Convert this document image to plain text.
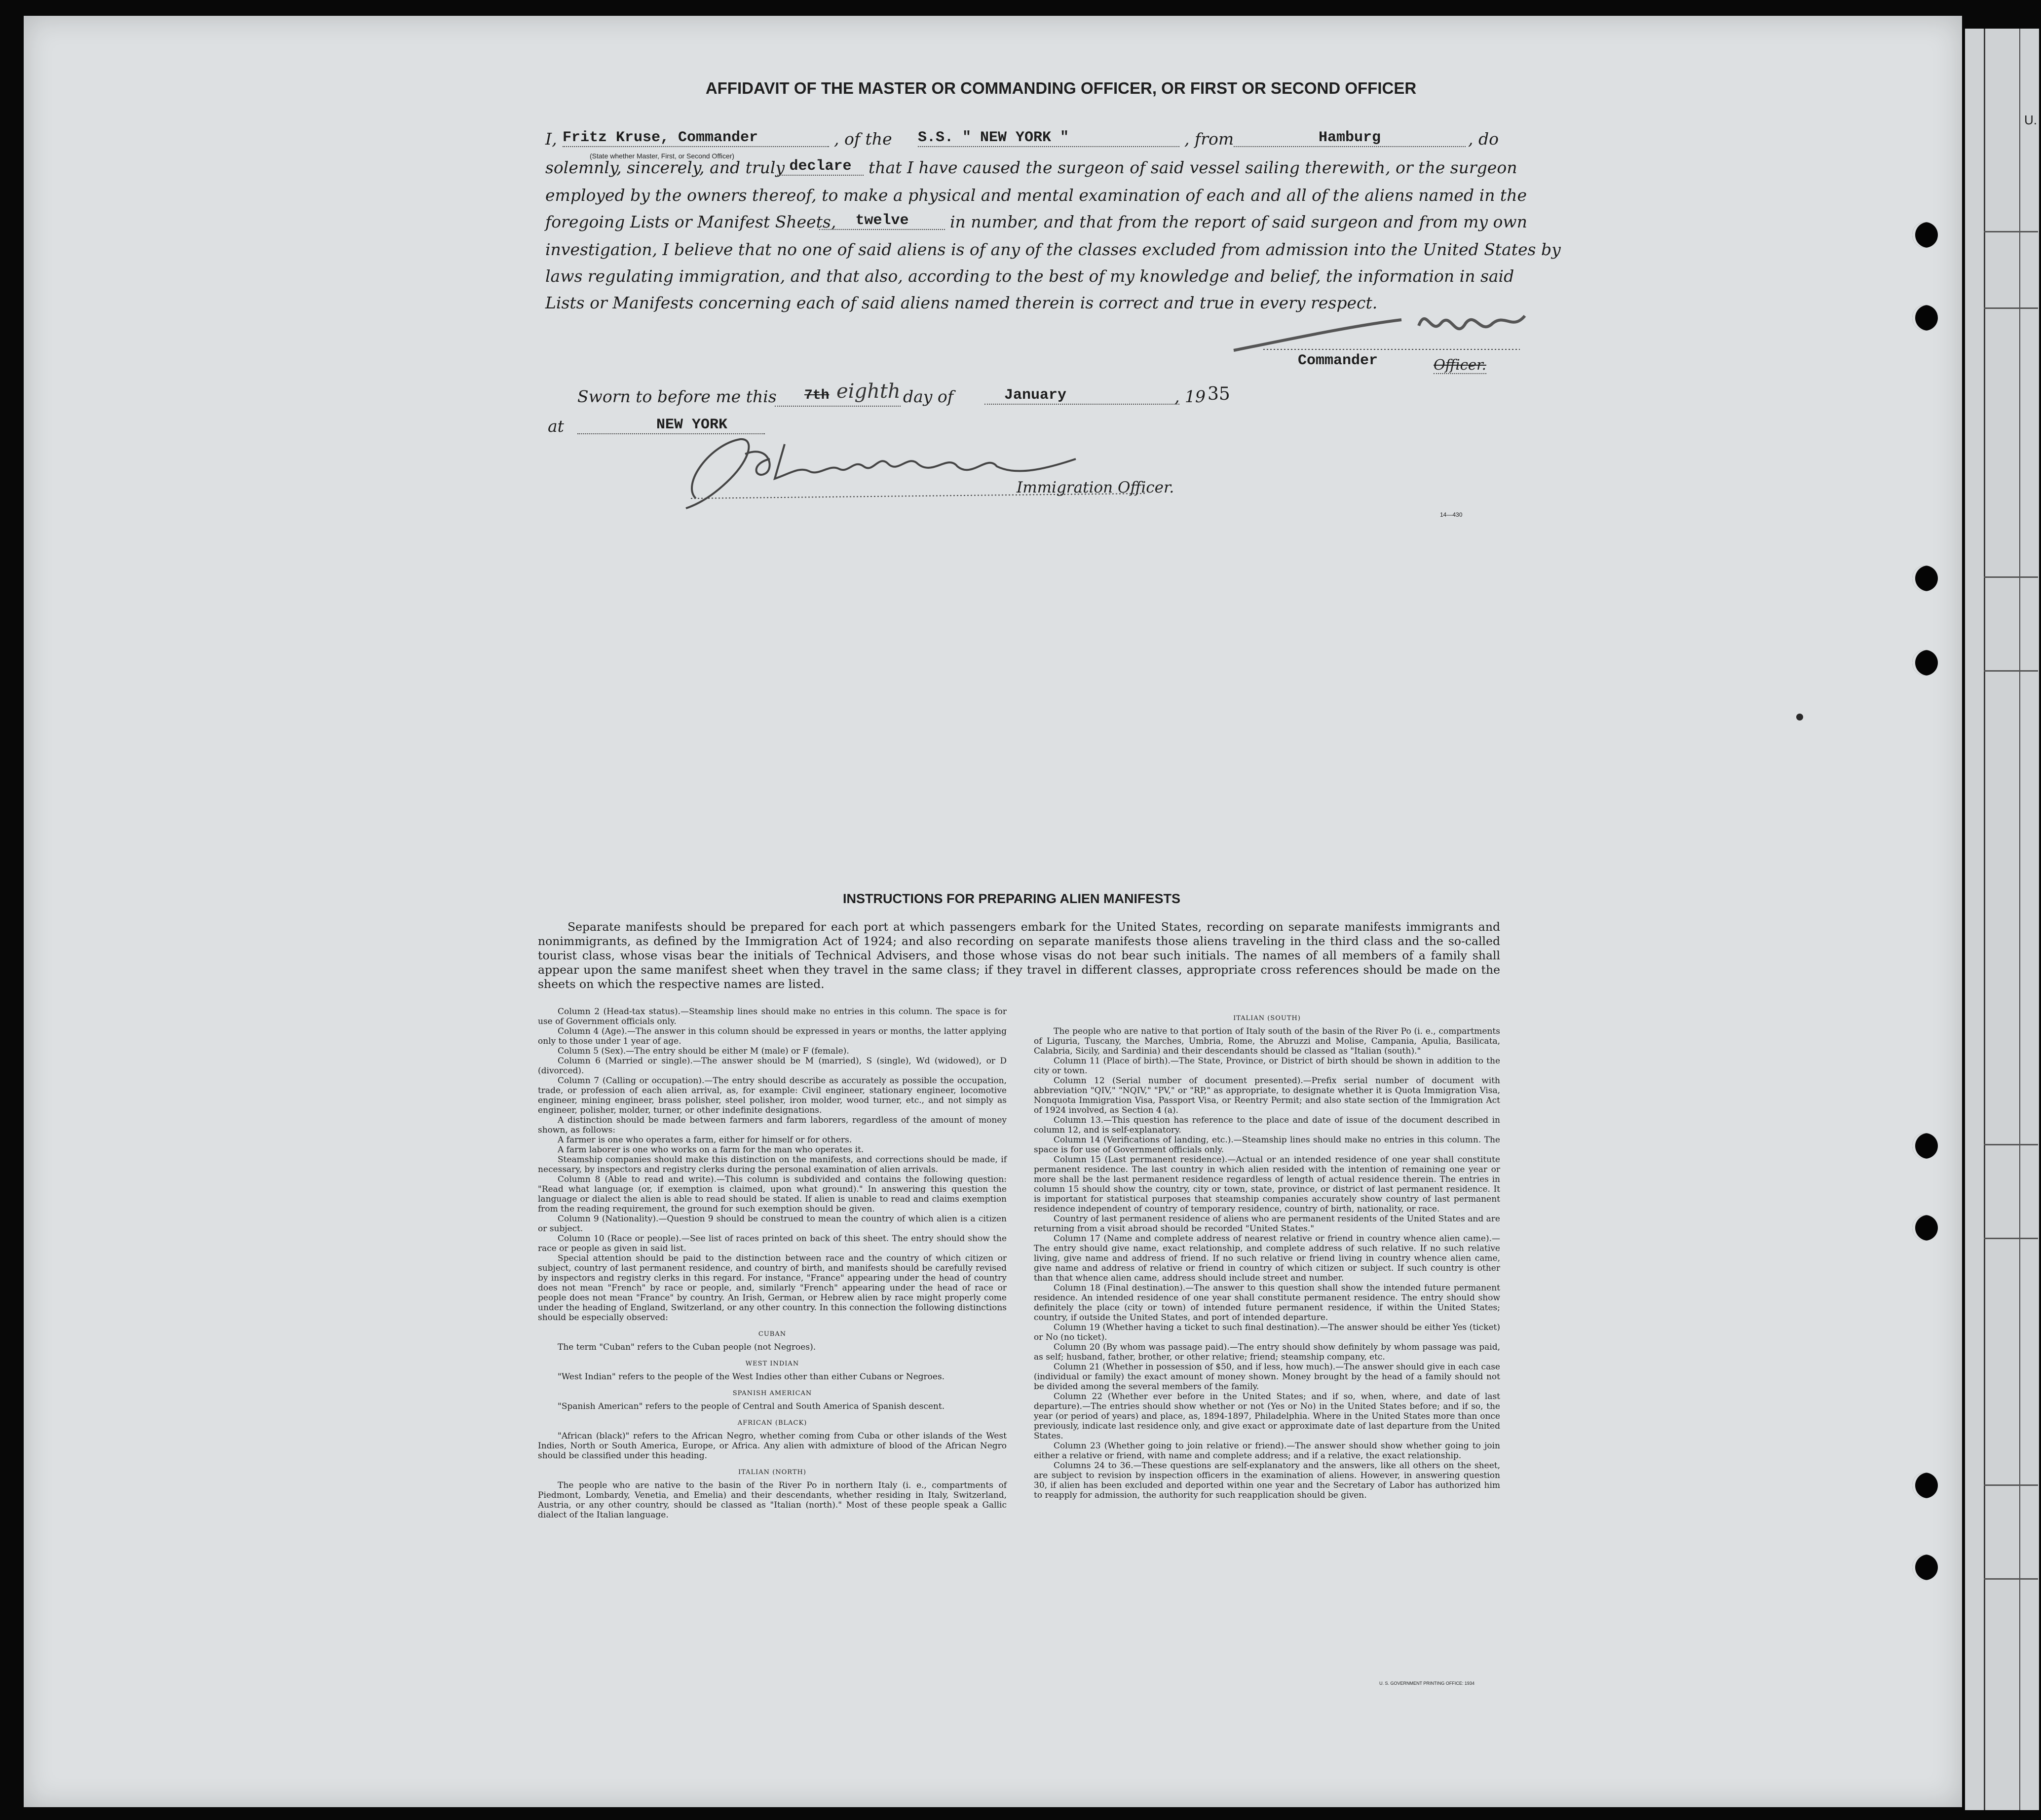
U.
AFFIDAVIT OF THE MASTER OR COMMANDING OFFICER, OR FIRST OR SECOND OFFICER
I, Fritz Kruse, Commander
(State whether Master, First, or Second Officer)
, of the S.S. " NEW YORK "	, from	Hamburg	, do
solemnly, sincerely, and truly declare	that I have caused the surgeon of said vessel sailing therewith, or the surgeon
employed by the owners thereof, to make a physical and mental examination of each and all of the aliens named in the
foregoing Lists or Manifest Sheets,	twelve	in number, and that from the report of said surgeon and from my own
investigation, I believe that no one of said aliens is of any of the classes excluded from admission into the United States by
laws regulating immigration, and that also, according to the best of my knowledge and belief, the information in said
Lists or Manifests concerning each of said aliens named therein is correct and true in every respect.
Commander	Officer.
Sworn to before me this 7th eighth day of	January	, 19 35
at	NEW YORK
Immigration Officer.
14—430
INSTRUCTIONS FOR PREPARING ALIEN MANIFESTS
Separate manifests should be prepared for each port at which passengers embark for the United States, recording on separate manifests immigrants and nonimmigrants, as defined by the Immigration Act of 1924; and also recording on separate manifests those aliens traveling in the third class and the so-called tourist class, whose visas bear the initials of Technical Advisers, and those whose visas do not bear such initials. The names of all members of a family shall appear upon the same manifest sheet when they travel in the same class; if they travel in different classes, appropriate cross references should be made on the sheets on which the respective names are listed.

Column 2 (Head-tax status).—Steamship lines should make no entries in this column. The space is for use of Government officials only.

Column 4 (Age).—The answer in this column should be expressed in years or months, the latter applying only to those under 1 year of age.

Column 5 (Sex).—The entry should be either M (male) or F (female).

Column 6 (Married or single).—The answer should be M (married), S (single), Wd (widowed), or D (divorced).

Column 7 (Calling or occupation).—The entry should describe as accurately as possible the occupation, trade, or profession of each alien arrival, as, for example: Civil engineer, stationary engineer, locomotive engineer, mining engineer, brass polisher, steel polisher, iron molder, wood turner, etc., and not simply as engineer, polisher, molder, turner, or other indefinite designations.

A distinction should be made between farmers and farm laborers, regardless of the amount of money shown, as follows:

A farmer is one who operates a farm, either for himself or for others.

A farm laborer is one who works on a farm for the man who operates it.

Steamship companies should make this distinction on the manifests, and corrections should be made, if necessary, by inspectors and registry clerks during the personal examination of alien arrivals.

Column 8 (Able to read and write).—This column is subdivided and contains the following question: "Read what language (or, if exemption is claimed, upon what ground)." In answering this question the language or dialect the alien is able to read should be stated. If alien is unable to read and claims exemption from the reading requirement, the ground for such exemption should be given.

Column 9 (Nationality).—Question 9 should be construed to mean the country of which alien is a citizen or subject.

Column 10 (Race or people).—See list of races printed on back of this sheet. The entry should show the race or people as given in said list.

Special attention should be paid to the distinction between race and the country of which citizen or subject, country of last permanent residence, and country of birth, and manifests should be carefully revised by inspectors and registry clerks in this regard. For instance, "France" appearing under the head of country does not mean "French" by race or people, and, similarly "French" appearing under the head of race or people does not mean "France" by country. An Irish, German, or Hebrew alien by race might properly come under the heading of England, Switzerland, or any other country. In this connection the following distinctions should be especially observed:

CUBAN

The term "Cuban" refers to the Cuban people (not Negroes).

WEST INDIAN

"West Indian" refers to the people of the West Indies other than either Cubans or Negroes.

SPANISH AMERICAN

"Spanish American" refers to the people of Central and South America of Spanish descent.

AFRICAN (BLACK)

"African (black)" refers to the African Negro, whether coming from Cuba or other islands of the West Indies, North or South America, Europe, or Africa. Any alien with admixture of blood of the African Negro should be classified under this heading.

ITALIAN (NORTH)

The people who are native to the basin of the River Po in northern Italy (i. e., compartments of Piedmont, Lombardy, Venetia, and Emelia) and their descendants, whether residing in Italy, Switzerland, Austria, or any other country, should be classed as "Italian (north)." Most of these people speak a Gallic dialect of the Italian language.

ITALIAN (SOUTH)

The people who are native to that portion of Italy south of the basin of the River Po (i. e., compartments of Liguria, Tuscany, the Marches, Umbria, Rome, the Abruzzi and Molise, Campania, Apulia, Basilicata, Calabria, Sicily, and Sardinia) and their descendants should be classed as "Italian (south)."

Column 11 (Place of birth).—The State, Province, or District of birth should be shown in addition to the city or town.

Column 12 (Serial number of document presented).—Prefix serial number of document with abbreviation "QIV," "NQIV," "PV," or "RP," as appropriate, to designate whether it is Quota Immigration Visa, Nonquota Immigration Visa, Passport Visa, or Reentry Permit; and also state section of the Immigration Act of 1924 involved, as Section 4 (a).

Column 13.—This question has reference to the place and date of issue of the document described in column 12, and is self-explanatory.

Column 14 (Verifications of landing, etc.).—Steamship lines should make no entries in this column. The space is for use of Government officials only.

Column 15 (Last permanent residence).—Actual or an intended residence of one year shall constitute permanent residence. The last country in which alien resided with the intention of remaining one year or more shall be the last permanent residence regardless of length of actual residence therein. The entries in column 15 should show the country, city or town, state, province, or district of last permanent residence. It is important for statistical purposes that steamship companies accurately show country of last permanent residence independent of country of temporary residence, country of birth, nationality, or race.

Country of last permanent residence of aliens who are permanent residents of the United States and are returning from a visit abroad should be recorded "United States."

Column 17 (Name and complete address of nearest relative or friend in country whence alien came).—The entry should give name, exact relationship, and complete address of such relative. If no such relative living, give name and address of friend. If no such relative or friend living in country whence alien came, give name and address of relative or friend in country of which citizen or subject. If such country is other than that whence alien came, address should include street and number.

Column 18 (Final destination).—The answer to this question shall show the intended future permanent residence. An intended residence of one year shall constitute permanent residence. The entry should show definitely the place (city or town) of intended future permanent residence, if within the United States; country, if outside the United States, and port of intended departure.

Column 19 (Whether having a ticket to such final destination).—The answer should be either Yes (ticket) or No (no ticket).

Column 20 (By whom was passage paid).—The entry should show definitely by whom passage was paid, as self; husband, father, brother, or other relative; friend; steamship company, etc.

Column 21 (Whether in possession of $50, and if less, how much).—The answer should give in each case (individual or family) the exact amount of money shown. Money brought by the head of a family should not be divided among the several members of the family.

Column 22 (Whether ever before in the United States; and if so, when, where, and date of last departure).—The entries should show whether or not (Yes or No) in the United States before; and if so, the year (or period of years) and place, as, 1894-1897, Philadelphia. Where in the United States more than once previously, indicate last residence only, and give exact or approximate date of last departure from the United States.

Column 23 (Whether going to join relative or friend).—The answer should show whether going to join either a relative or friend, with name and complete address; and if a relative, the exact relationship.

Columns 24 to 36.—These questions are self-explanatory and the answers, like all others on the sheet, are subject to revision by inspection officers in the examination of aliens. However, in answering question 30, if alien has been excluded and deported within one year and the Secretary of Labor has authorized him to reapply for admission, the authority for such reapplication should be given.

U. S. GOVERNMENT PRINTING OFFICE: 1934
